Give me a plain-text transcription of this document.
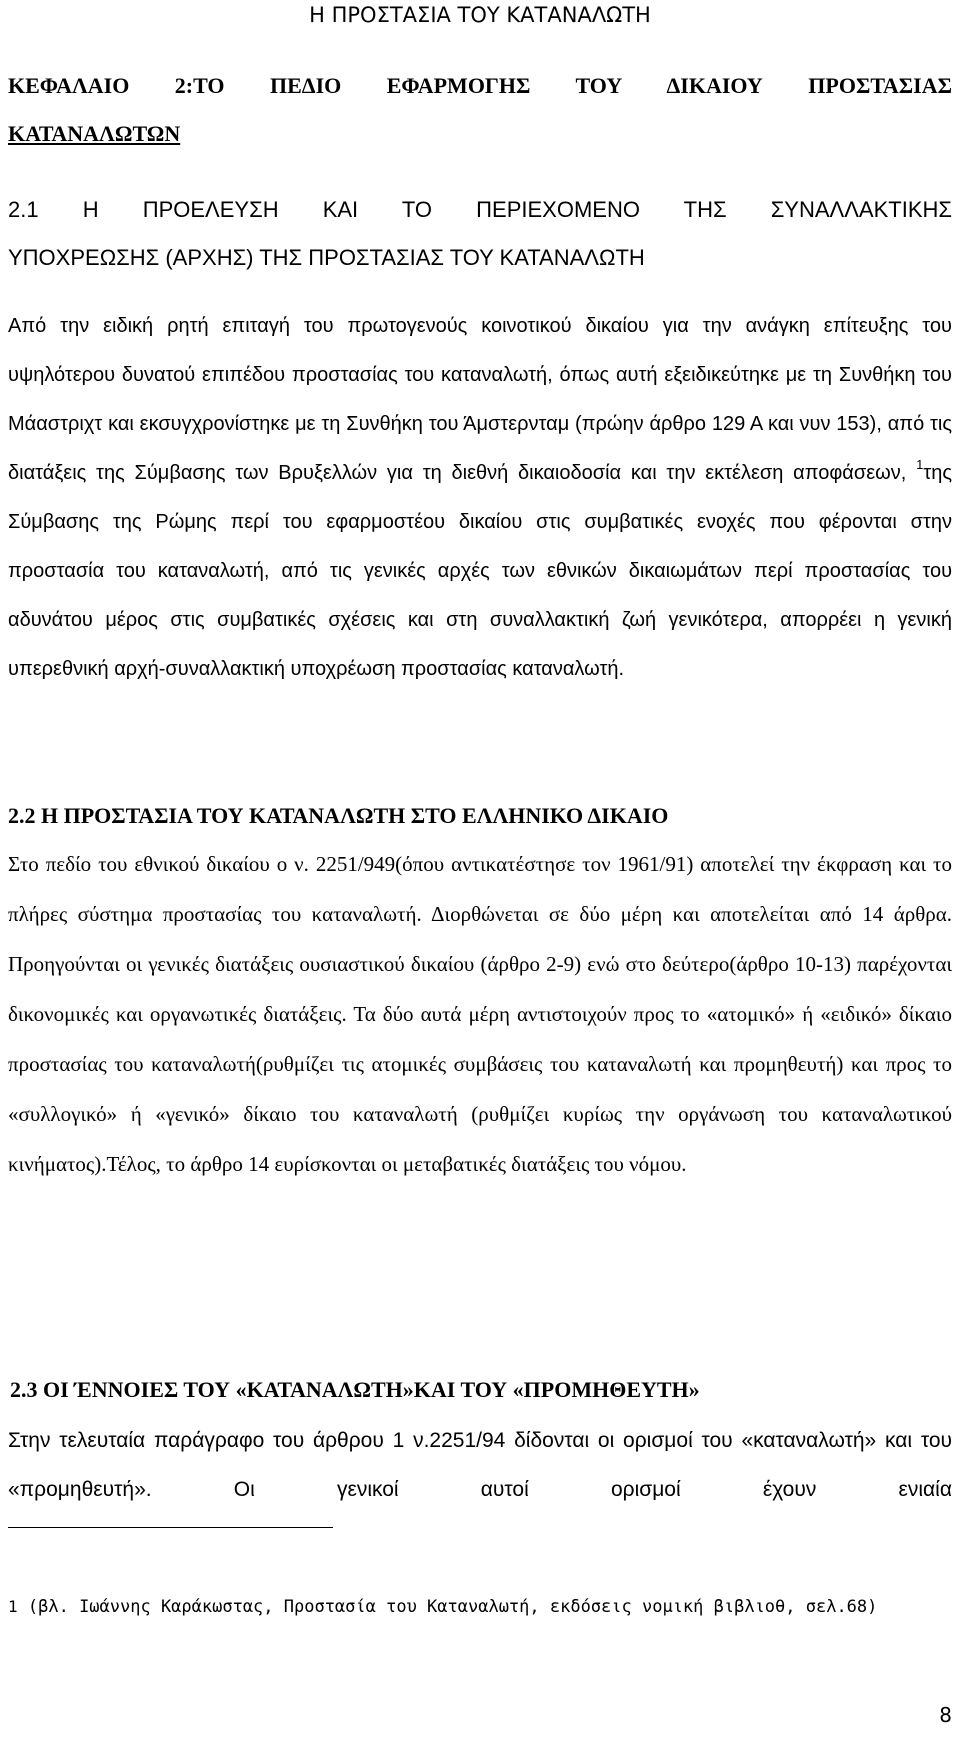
Η ΠΡΟΣΤΑΣΙΑ ΤΟΥ ΚΑΤΑΝΑΛΩΤΗ
ΚΕΦΑΛΑΙΟ 2:ΤΟ ΠΕΔΙΟ ΕΦΑΡΜΟΓΗΣ ΤΟΥ ΔΙΚΑΙΟΥ ΠΡΟΣΤΑΣΙΑΣ
ΚΑΤΑΝΑΛΩΤΩΝ
2.1 Η ΠΡΟΕΛΕΥΣΗ ΚΑΙ ΤΟ ΠΕΡΙΕΧΟΜΕΝΟ ΤΗΣ ΣΥΝΑΛΛΑΚΤΙΚΗΣ
ΥΠΟΧΡΕΩΣΗΣ (ΑΡΧΗΣ) ΤΗΣ ΠΡΟΣΤΑΣΙΑΣ ΤΟΥ ΚΑΤΑΝΑΛΩΤΗ

Από την ειδική ρητή επιταγή του πρωτογενούς κοινοτικού δικαίου για την ανάγκη επίτευξης του υψηλότερου δυνατού επιπέδου προστασίας του καταναλωτή, όπως αυτή εξειδικεύτηκε με τη Συνθήκη του Μάαστριχτ και εκσυγχρονίστηκε με τη Συνθήκη του Άμστερνταμ (πρώην άρθρο 129 Α και νυν 153), από τις διατάξεις της Σύμβασης των Βρυξελλών για τη διεθνή δικαιοδοσία και την εκτέλεση αποφάσεων, $^1$της Σύμβασης της Ρώμης περί του εφαρμοστέου δικαίου στις συμβατικές ενοχές που φέρονται στην προστασία του καταναλωτή, από τις γενικές αρχές των εθνικών δικαιωμάτων περί προστασίας του αδυνάτου μέρος στις συμβατικές σχέσεις και στη συναλλακτική ζωή γενικότερα, απορρέει η γενική υπερεθνική αρχή-συναλλακτική υποχρέωση προστασίας καταναλωτή.

2.2 Η ΠΡΟΣΤΑΣΙΑ ΤΟΥ ΚΑΤΑΝΑΛΩΤΗ ΣΤΟ ΕΛΛΗΝΙΚΟ ΔΙΚΑΙΟ

Στο πεδίο του εθνικού δικαίου ο ν. 2251/949(όπου αντικατέστησε τον 1961/91) αποτελεί την έκφραση και το πλήρες σύστημα προστασίας του καταναλωτή. Διορθώνεται σε δύο μέρη και αποτελείται από 14 άρθρα. Προηγούνται οι γενικές διατάξεις ουσιαστικού δικαίου (άρθρο 2-9) ενώ στο δεύτερο(άρθρο 10-13) παρέχονται δικονομικές και οργανωτικές διατάξεις. Τα δύο αυτά μέρη αντιστοιχούν προς το «ατομικό» ή «ειδικό» δίκαιο προστασίας του καταναλωτή(ρυθμίζει τις ατομικές συμβάσεις του καταναλωτή και προμηθευτή) και προς το «συλλογικό» ή «γενικό» δίκαιο του καταναλωτή (ρυθμίζει κυρίως την οργάνωση του καταναλωτικού κινήματος).Τέλος, το άρθρο 14 ευρίσκονται οι μεταβατικές διατάξεις του νόμου.

2.3 ΟΙ ΈΝΝΟΙΕΣ ΤΟΥ «ΚΑΤΑΝΑΛΩΤΗ»ΚΑΙ ΤΟΥ «ΠΡΟΜΗΘΕΥΤΗ»

Στην τελευταία παράγραφο του άρθρου 1 ν.2251/94 δίδονται οι ορισμοί του «καταναλωτή» και του «προμηθευτή». Οι γενικοί αυτοί ορισμοί έχουν ενιαία

1 (βλ. Ιωάννης Καράκωστας, Προστασία του Καταναλωτή, εκδόσεις νομική βιβλιοθ, σελ.68)

8
